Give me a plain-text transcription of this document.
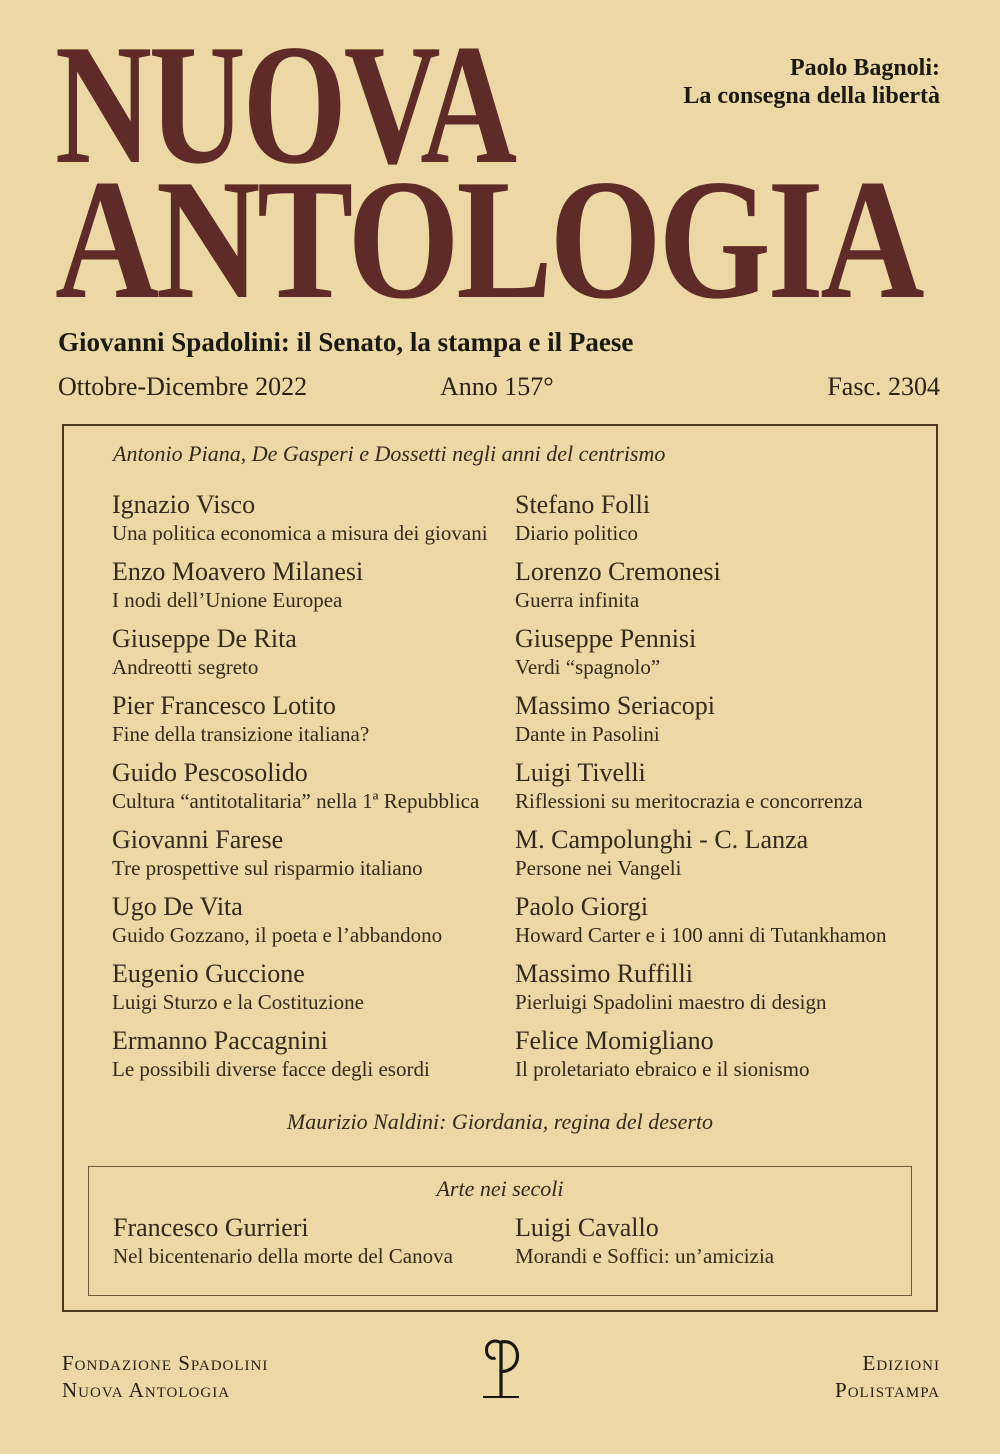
Paolo Bagnoli:
La consegna della libertà
NUOVA
ANTOLOGIA
Giovanni Spadolini: il Senato, la stampa e il Paese
Ottobre-Dicembre 2022	Anno 157°	Fasc. 2304
Antonio Piana, De Gasperi e Dossetti negli anni del centrismo
Ignazio Visco
Una politica economica a misura dei giovani
Stefano Folli
Diario politico
Enzo Moavero Milanesi
I nodi dell’Unione Europea
Lorenzo Cremonesi
Guerra infinita
Giuseppe De Rita
Andreotti segreto
Giuseppe Pennisi
Verdi “spagnolo”
Pier Francesco Lotito
Fine della transizione italiana?
Massimo Seriacopi
Dante in Pasolini
Guido Pescosolido
Cultura “antitotalitaria” nella 1ª Repubblica
Luigi Tivelli
Riflessioni su meritocrazia e concorrenza
Giovanni Farese
Tre prospettive sul risparmio italiano
M. Campolunghi - C. Lanza
Persone nei Vangeli
Ugo De Vita
Guido Gozzano, il poeta e l’abbandono
Paolo Giorgi
Howard Carter e i 100 anni di Tutankhamon
Eugenio Guccione
Luigi Sturzo e la Costituzione
Massimo Ruffilli
Pierluigi Spadolini maestro di design
Ermanno Paccagnini
Le possibili diverse facce degli esordi
Felice Momigliano
Il proletariato ebraico e il sionismo
Maurizio Naldini: Giordania, regina del deserto
Arte nei secoli
Francesco Gurrieri
Nel bicentenario della morte del Canova
Luigi Cavallo
Morandi e Soffici: un’amicizia
Fondazione Spadolini
Nuova Antologia
Edizioni
Polistampa
